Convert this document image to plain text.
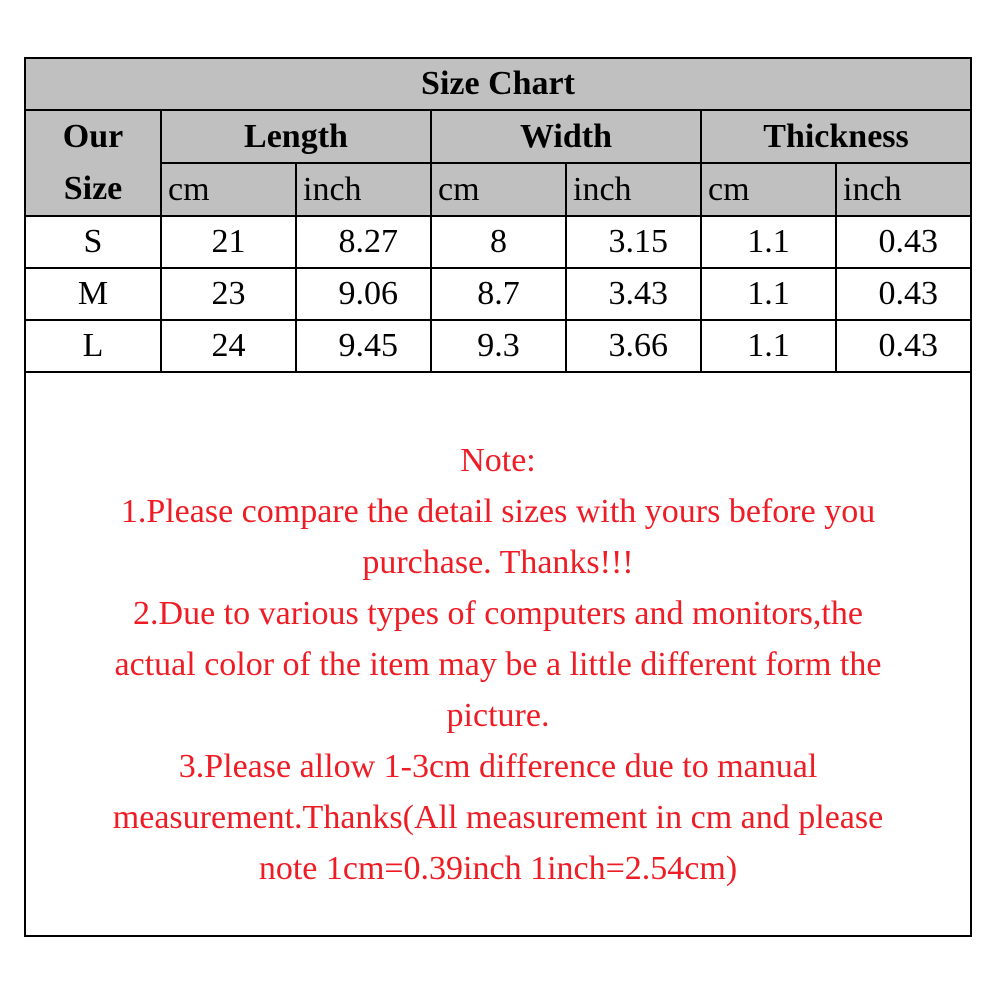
Size Chart						

Our
Size	Length		Width		Thickness	
	cm	inch	cm	inch	cm	inch
S	21	8.27	8	3.15	1.1	0.43
M	23	9.06	8.7	3.43	1.1	0.43
L	24	9.45	9.3	3.66	1.1	0.43
Note:
1.Please compare the detail sizes with yours before you
purchase. Thanks!!!
2.Due to various types of computers and monitors,the
actual color of the item may be a little different form the
picture.
3.Please allow 1-3cm difference due to manual
measurement.Thanks(All measurement in cm and please
note 1cm=0.39inch 1inch=2.54cm)
